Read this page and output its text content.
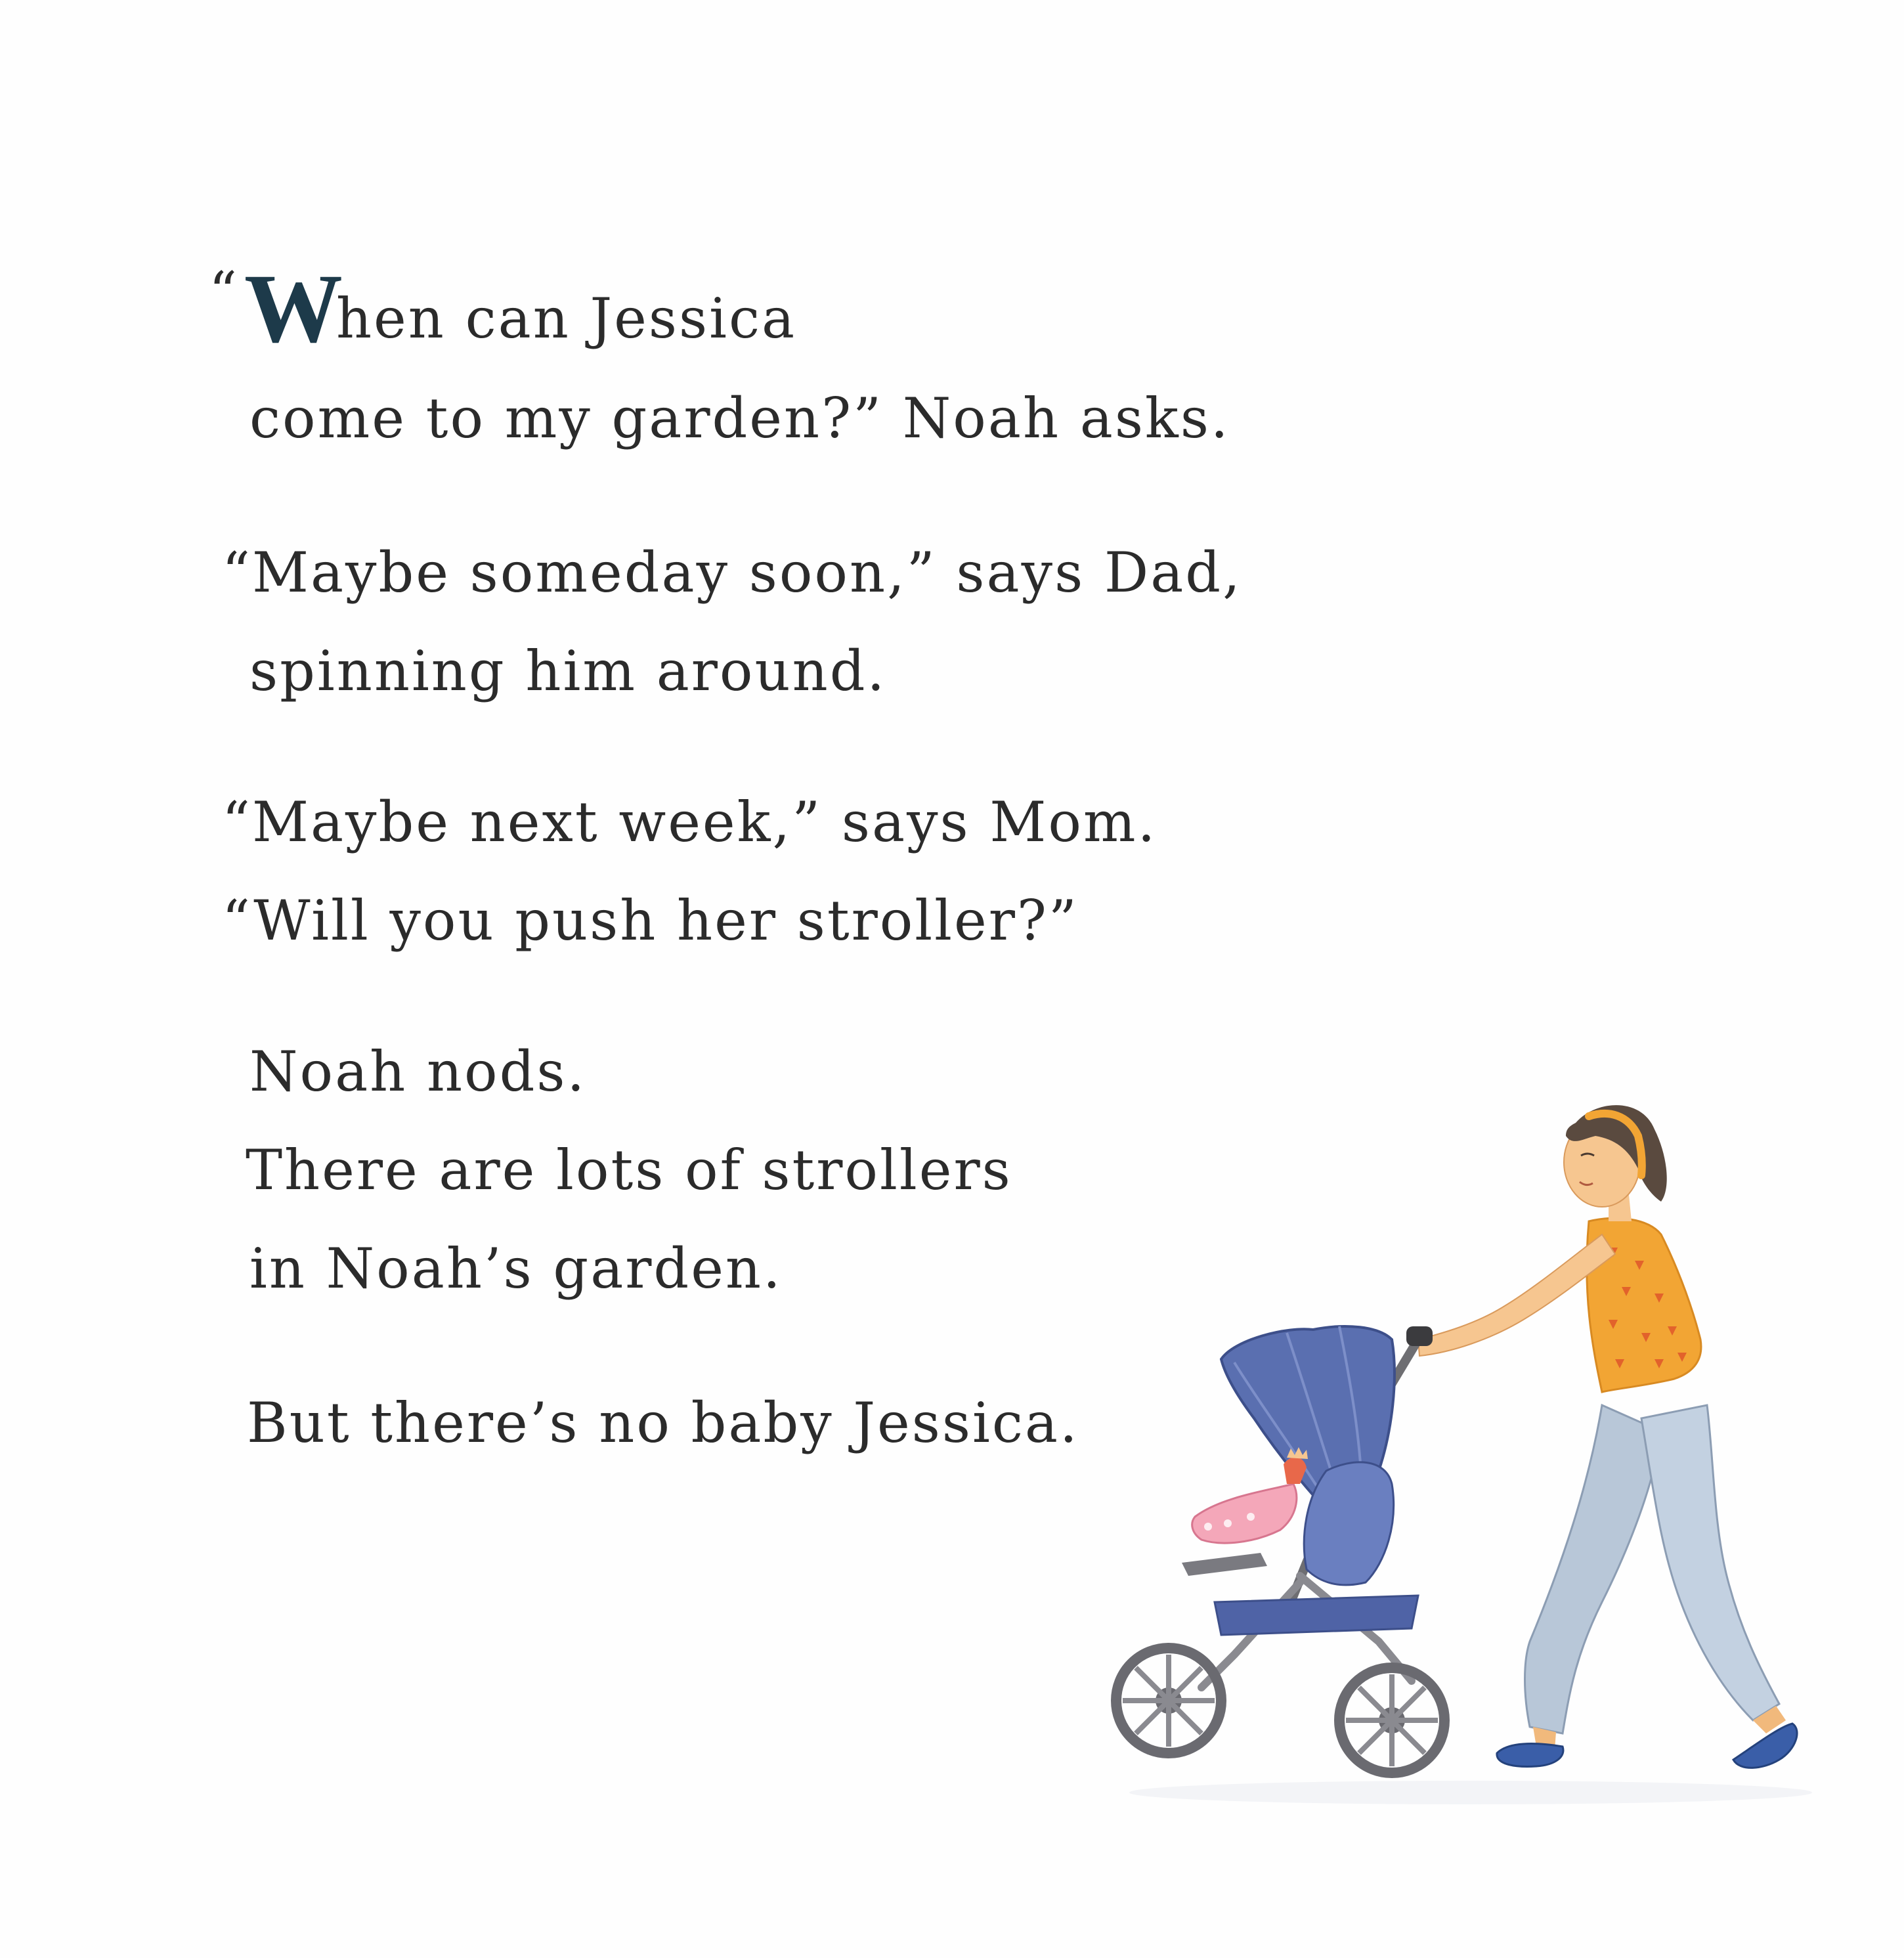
“When can Jessica
come to my garden?” Noah asks.
“Maybe someday soon,” says Dad,
spinning him around.
“Maybe next week,” says Mom.
“Will you push her stroller?”
Noah nods.
There are lots of strollers
in Noah’s garden.
But there’s no baby Jessica.
